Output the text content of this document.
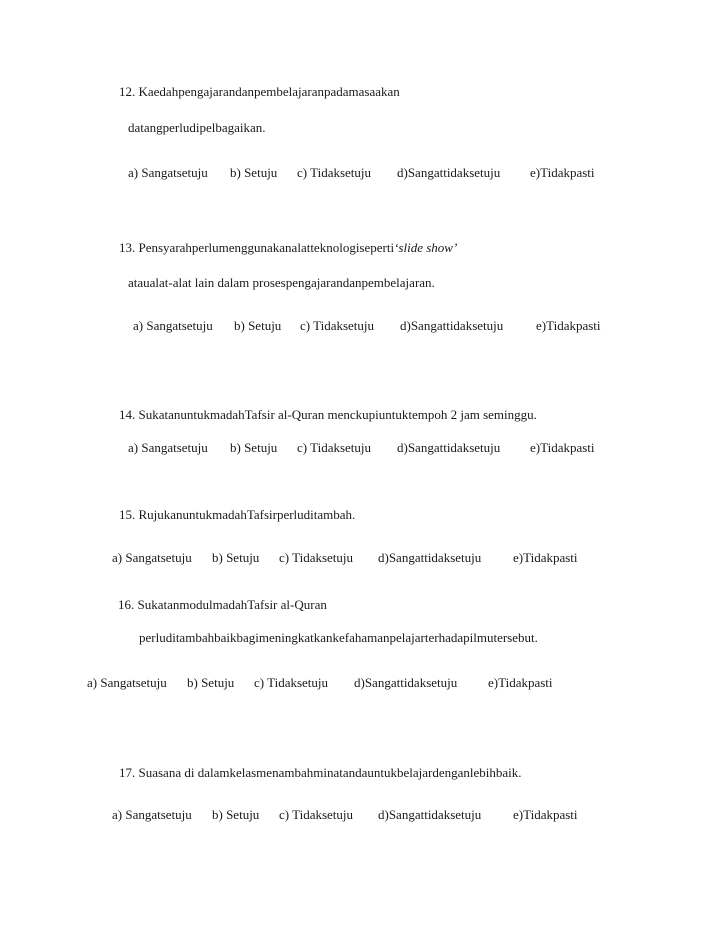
12. Kaedahpengajarandanpembelajaranpadamasaakan
datangperludipelbagaikan.
a) Sangatsetuju b) Setuju c) Tidaksetuju d)Sangattidaksetuju e)Tidakpasti
13. Pensyarahperlumenggunakanalatteknologiseperti‘slide show’
ataualat-alat lain dalam prosespengajarandanpembelajaran.
a) Sangatsetuju b) Setuju c) Tidaksetuju d)Sangattidaksetuju	e)Tidakpasti
14. SukatanuntukmadahTafsir al-Quran menckupiuntuktempoh 2 jam seminggu.
a) Sangatsetuju b) Setuju c) Tidaksetuju d)Sangattidaksetuju e)Tidakpasti
15. RujukanuntukmadahTafsirperluditambah.
a) Sangatsetuju b) Setuju c) Tidaksetuju d)Sangattidaksetuju e)Tidakpasti
16. SukatanmodulmadahTafsir al-Quran
perluditambahbaikbagimeningkatkankefahamanpelajarterhadapilmutersebut.
a) Sangatsetuju b) Setuju c) Tidaksetuju d)Sangattidaksetuju e)Tidakpasti
17. Suasana di dalamkelasmenambahminatandauntukbelajardenganlebihbaik.
a) Sangatsetuju b) Setuju c) Tidaksetuju d)Sangattidaksetuju e)Tidakpasti
